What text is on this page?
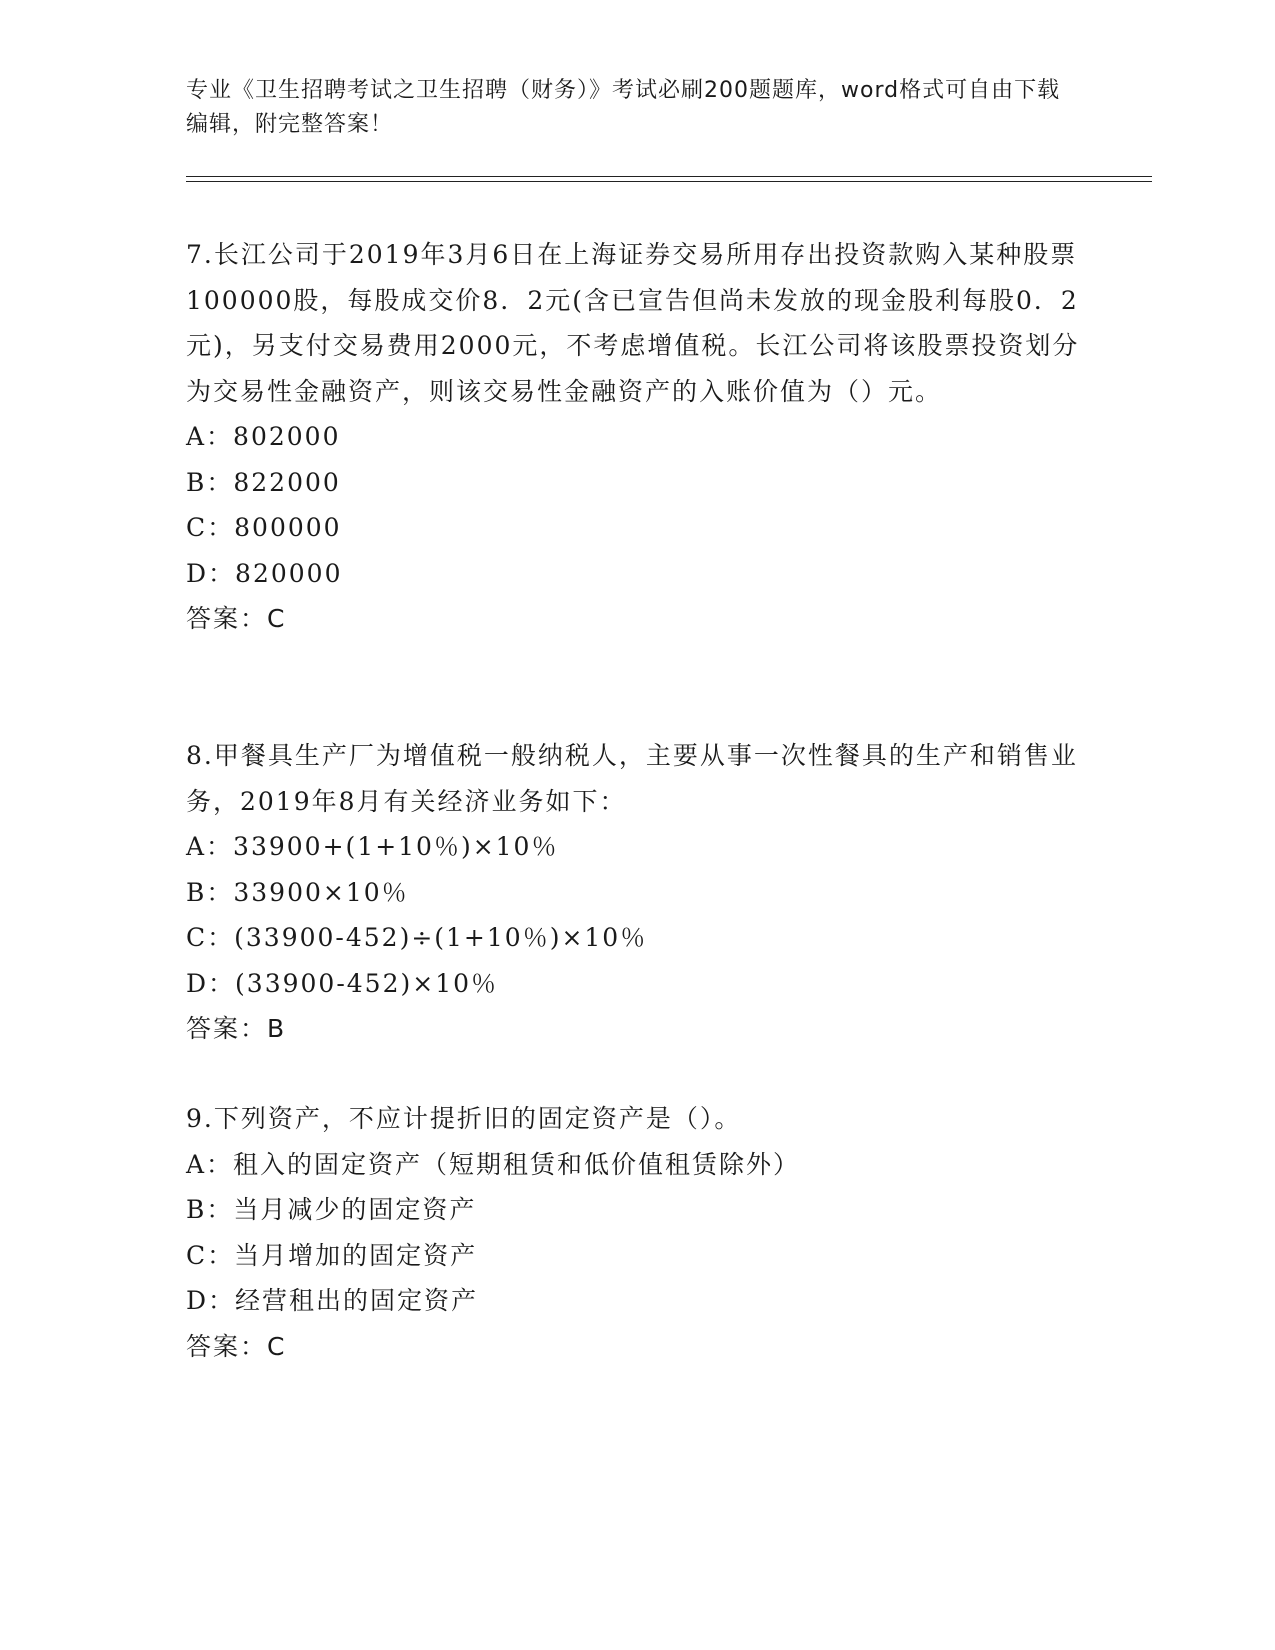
专业《卫生招聘考试之卫生招聘（财务）》考试必刷200题题库，word格式可自由下载编辑，附完整答案！

7.长江公司于2019年3月6日在上海证券交易所用存出投资款购入某种股票100000股，每股成交价8．2元(含已宣告但尚未发放的现金股利每股0．2元)，另支付交易费用2000元，不考虑增值税。长江公司将该股票投资划分为交易性金融资产，则该交易性金融资产的入账价值为（）元。

A：802000

B：822000

C：800000

D：820000

答案：C

8.甲餐具生产厂为增值税一般纳税人，主要从事一次性餐具的生产和销售业务，2019年8月有关经济业务如下：

A：33900+(1+10％)×10％

B：33900×10％

C：(33900-452)÷(1+10％)×10％

D：(33900-452)×10％

答案：B

9.下列资产，不应计提折旧的固定资产是（）。

A：租入的固定资产（短期租赁和低价值租赁除外）

B：当月减少的固定资产

C：当月增加的固定资产

D：经营租出的固定资产

答案：C
